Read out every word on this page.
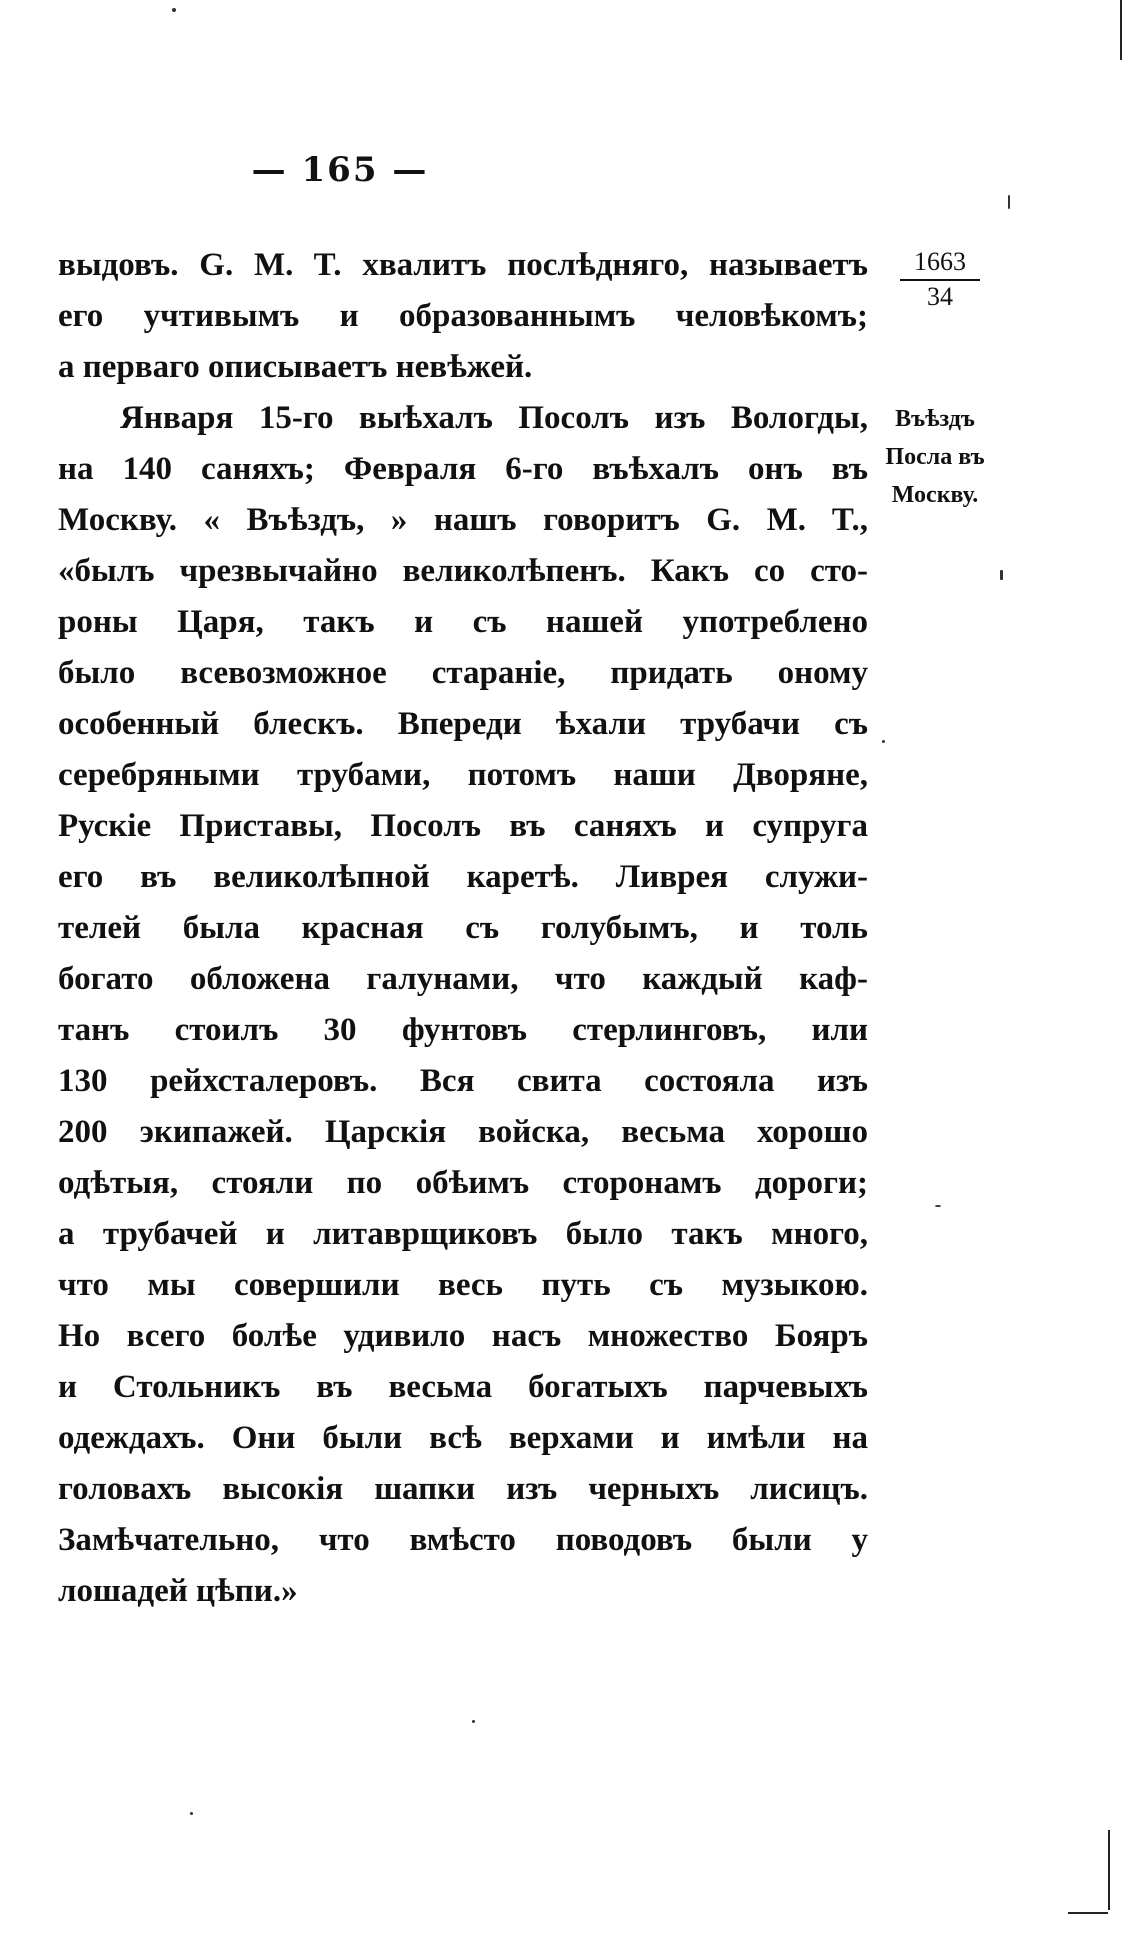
— 165 —
1663
34
Въѣздъ
Посла въ
Москву.
выдовъ. G. M. T. хвалитъ послѣдняго, называетъ
его учтивымъ и образованнымъ человѣкомъ;
а перваго описываетъ невѣжей.
Января 15-го выѣхалъ Посолъ изъ Вологды,
на 140 саняхъ; Февраля 6-го въѣхалъ онъ въ
Москву. « Въѣздъ, » нашъ говоритъ G. M. T.,
«былъ чрезвычайно великолѣпенъ. Какъ со сто-
роны Царя, такъ и съ нашей употреблено
было всевозможное стараніе, придать оному
особенный блескъ. Впереди ѣхали трубачи съ
серебряными трубами, потомъ наши Дворяне,
Рускіе Приставы, Посолъ въ саняхъ и супруга
его въ великолѣпной каретѣ. Ливрея служи-
телей была красная съ голубымъ, и толь
богато обложена галунами, что каждый каф-
танъ стоилъ 30 фунтовъ стерлинговъ, или
130 рейхсталеровъ. Вся свита состояла изъ
200 экипажей. Царскія войска, весьма хорошо
одѣтыя, стояли по обѣимъ сторонамъ дороги;
а трубачей и литаврщиковъ было такъ много,
что мы совершили весь путь съ музыкою.
Но всего болѣе удивило насъ множество Бояръ
и Стольникъ въ весьма богатыхъ парчевыхъ
одеждахъ. Они были всѣ верхами и имѣли на
головахъ высокія шапки изъ черныхъ лисицъ.
Замѣчательно, что вмѣсто поводовъ были у
лошадей цѣпи.»
